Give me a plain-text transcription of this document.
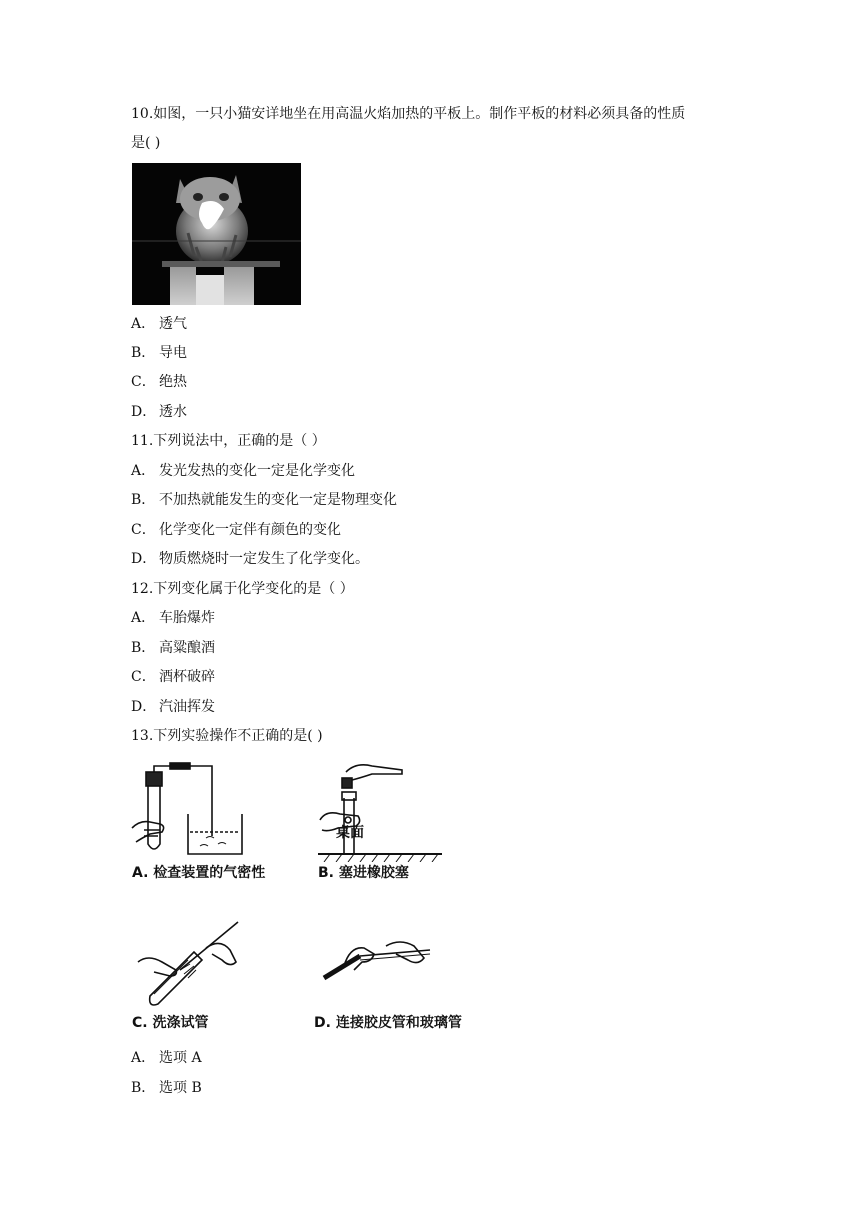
10.如图，一只小猫安详地坐在用高温火焰加热的平板上。制作平板的材料必须具备的性质
是( )
A． 透气
B． 导电
C． 绝热
D． 透水
11.下列说法中，正确的是（ ）
A． 发光发热的变化一定是化学变化
B． 不加热就能发生的变化一定是物理变化
C． 化学变化一定伴有颜色的变化
D． 物质燃烧时一定发生了化学变化。
12.下列变化属于化学变化的是（ ）
A． 车胎爆炸
B． 高粱酿酒
C． 酒杯破碎
D． 汽油挥发
13.下列实验操作不正确的是( )
A. 检查装置的气密性
桌面
B. 塞进橡胶塞
C. 洗涤试管	D. 连接胶皮管和玻璃管
A． 选项 A
B． 选项 B
